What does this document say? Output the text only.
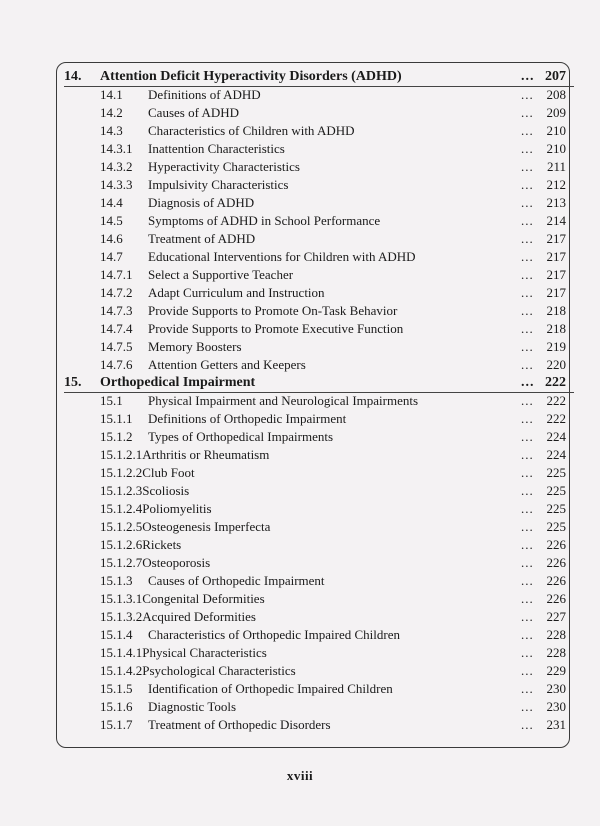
14. Attention Deficit Hyperactivity Disorders (ADHD)	... 207
14.1 Definitions of ADHD	... 208
14.2 Causes of ADHD	... 209
14.3 Characteristics of Children with ADHD	... 210
14.3.1 Inattention Characteristics	... 210
14.3.2 Hyperactivity Characteristics	... 211
14.3.3 Impulsivity Characteristics	... 212
14.4 Diagnosis of ADHD	... 213
14.5 Symptoms of ADHD in School Performance	... 214
14.6 Treatment of ADHD	... 217
14.7 Educational Interventions for Children with ADHD	... 217
14.7.1 Select a Supportive Teacher	... 217
14.7.2 Adapt Curriculum and Instruction	... 217
14.7.3 Provide Supports to Promote On-Task Behavior	... 218
14.7.4 Provide Supports to Promote Executive Function	... 218
14.7.5 Memory Boosters	... 219
14.7.6 Attention Getters and Keepers	... 220
15. Orthopedical Impairment	... 222
15.1 Physical Impairment and Neurological Impairments	... 222
15.1.1 Definitions of Orthopedic Impairment	... 222
15.1.2 Types of Orthopedical Impairments	... 224
15.1.2.1Arthritis or Rheumatism	... 224
15.1.2.2Club Foot	... 225
15.1.2.3Scoliosis	... 225
15.1.2.4Poliomyelitis	... 225
15.1.2.5Osteogenesis Imperfecta	... 225
15.1.2.6Rickets	... 226
15.1.2.7Osteoporosis	... 226
15.1.3 Causes of Orthopedic Impairment	... 226
15.1.3.1Congenital Deformities	... 226
15.1.3.2Acquired Deformities	... 227
15.1.4 Characteristics of Orthopedic Impaired Children	... 228
15.1.4.1Physical Characteristics	... 228
15.1.4.2Psychological Characteristics	... 229
15.1.5 Identification of Orthopedic Impaired Children	... 230
15.1.6 Diagnostic Tools	... 230
15.1.7 Treatment of Orthopedic Disorders	... 231
xviii
